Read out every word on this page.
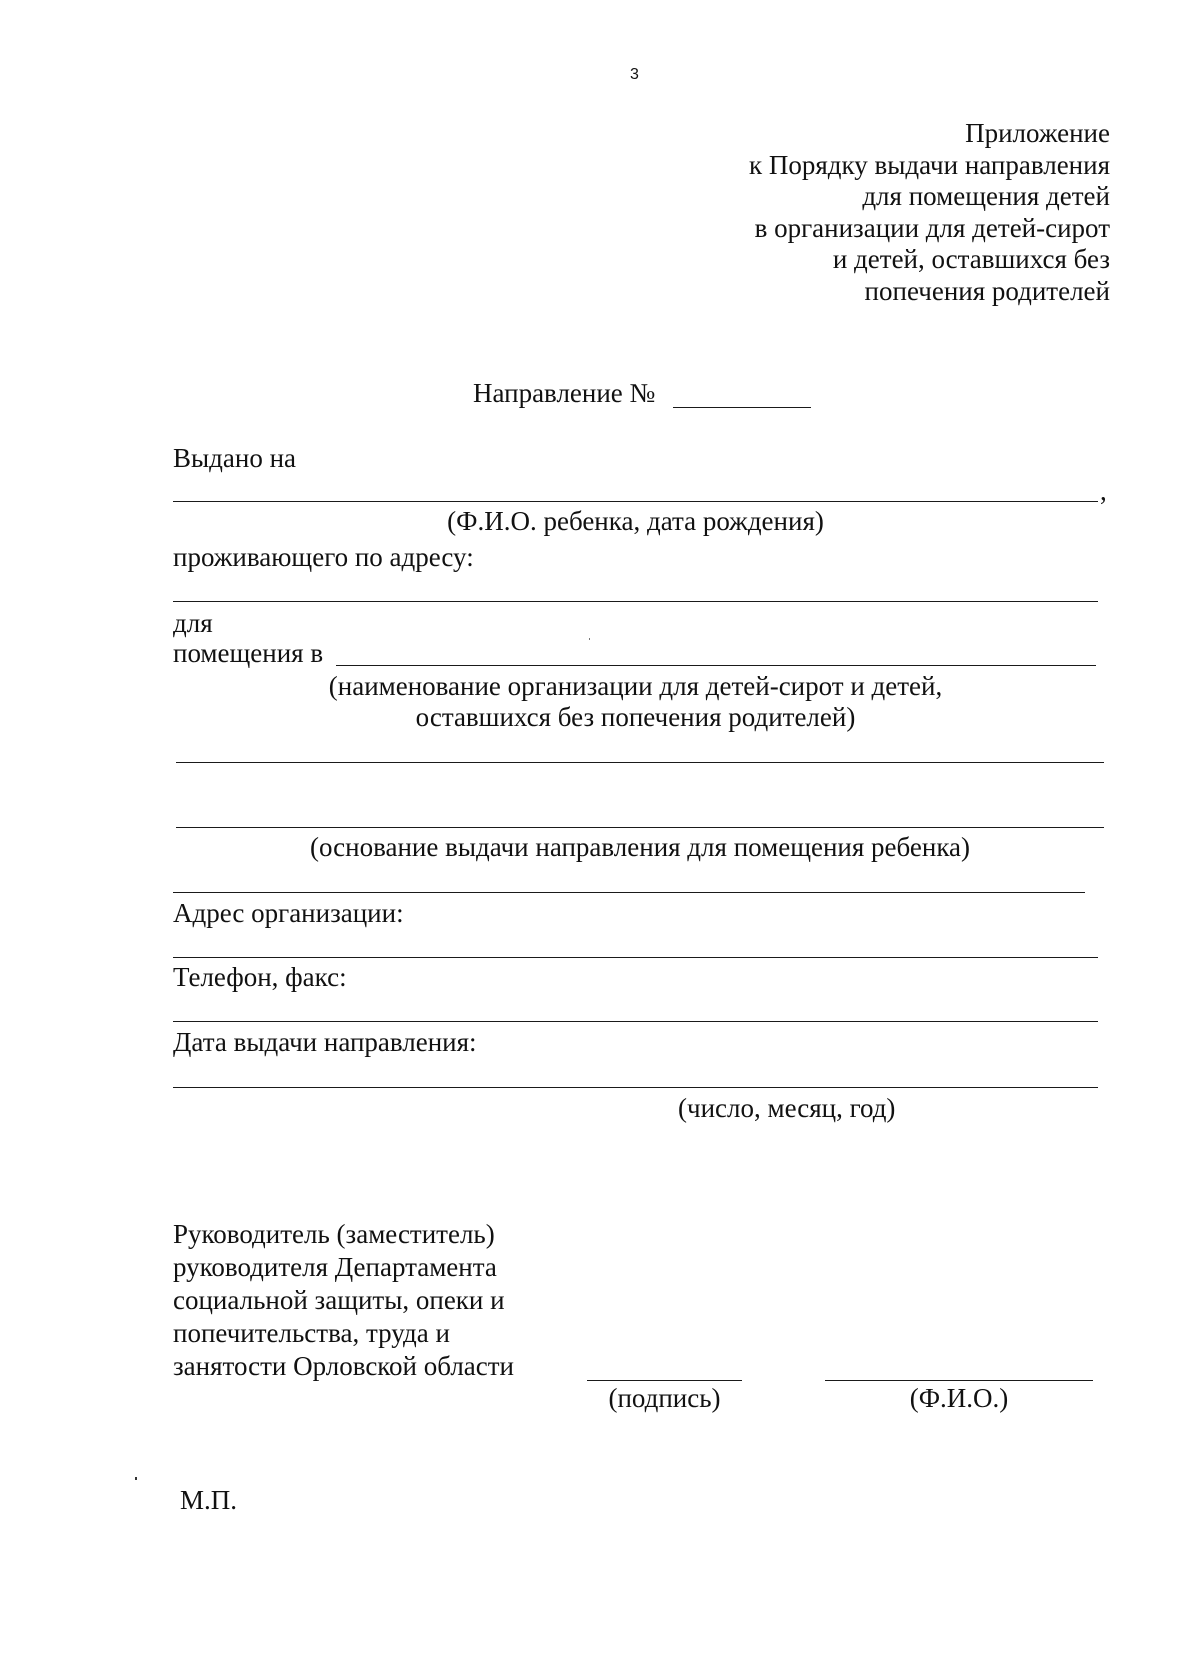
3
Приложение
к Порядку выдачи направления
для помещения детей
в организации для детей-сирот
и детей, оставшихся без
попечения родителей
Направление №
Выдано на
,
(Ф.И.О. ребенка, дата рождения)
проживающего по адресу:
для
помещения в
(наименование организации для детей-сирот и детей,
оставшихся без попечения родителей)
(основание выдачи направления для помещения ребенка)
Адрес организации:
Телефон, факс:
Дата выдачи направления:
(число, месяц, год)
Руководитель (заместитель)
руководителя Департамента
социальной защиты, опеки и
попечительства, труда и
занятости Орловской области
(подпись)	(Ф.И.О.)
М.П.
